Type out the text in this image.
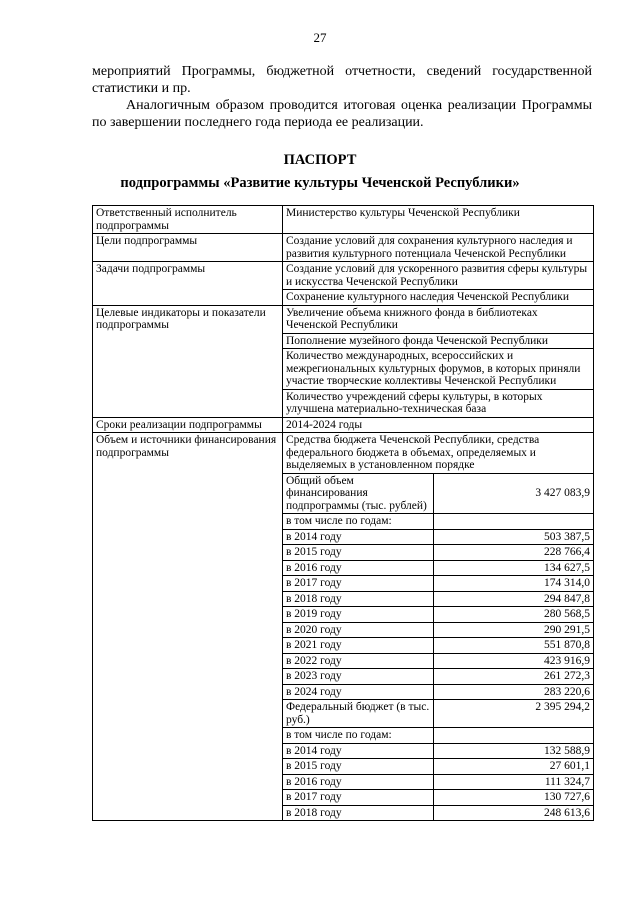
27
мероприятий Программы, бюджетной отчетности, сведений государственной статистики и пр.
Аналогичным образом проводится итоговая оценка реализации Программы по завершении последнего года периода ее реализации.
ПАСПОРТ
подпрограммы «Развитие культуры Чеченской Республики»
Ответственный исполнитель подпрограммы	Министерство культуры Чеченской Республики	
Цели подпрограммы	Создание условий для сохранения культурного наследия и развития культурного потенциала Чеченской Республики	
Задачи подпрограммы	Создание условий для ускоренного развития сферы культуры и искусства Чеченской Республики	
	Сохранение культурного наследия Чеченской Республики	
Целевые индикаторы и показатели подпрограммы	Увеличение объема книжного фонда в библиотеках Чеченской Республики	
	Пополнение музейного фонда Чеченской Республики	
	Количество международных, всероссийских и межрегиональных культурных форумов, в которых приняли участие творческие коллективы Чеченской Республики	
	Количество учреждений сферы культуры, в которых улучшена материально-техническая база	
Сроки реализации подпрограммы	2014-2024 годы	
Объем и источники финансирования подпрограммы	Средства бюджета Чеченской Республики, средства федерального бюджета в объемах, определяемых и выделяемых в установленном порядке	
	Общий объем финансирования подпрограммы (тыс. рублей)	3 427 083,9
	в том числе по годам:	
	в 2014 году	503 387,5
	в 2015 году	228 766,4
	в 2016 году	134 627,5
	в 2017 году	174 314,0
	в 2018 году	294 847,8
	в 2019 году	280 568,5
	в 2020 году	290 291,5
	в 2021 году	551 870,8
	в 2022 году	423 916,9
	в 2023 году	261 272,3
	в 2024 году	283 220,6
	Федеральный бюджет (в тыс. руб.)	2 395 294,2
	в том числе по годам:	
	в 2014 году	132 588,9
	в 2015 году	27 601,1
	в 2016 году	111 324,7
	в 2017 году	130 727,6
	в 2018 году	248 613,6
